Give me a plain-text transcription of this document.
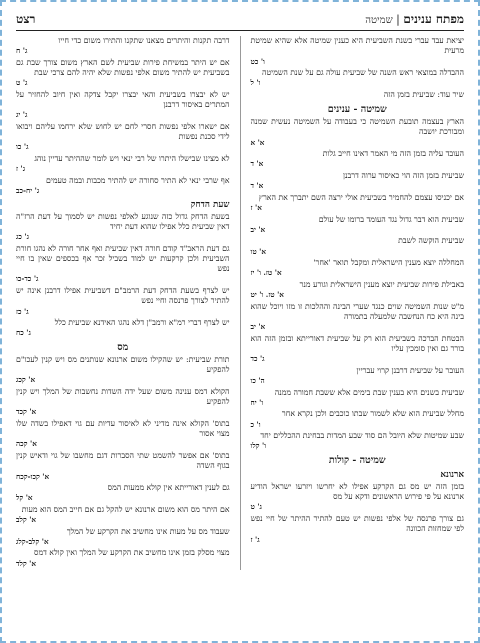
מפתח ענינים | שמיטה
רצט
יציאת עבד עברי בשנת השביעית היא כענין שמיטה אלא שהיא שמיטת מרעית
ו' כט
ההבדלה במוצאי ראש השנה של שביעית עולה גם על שנת השמיטה
ו' ל
שיר עוד: שביעית בזמן הזה
שמיטה - ענינים
הארץ בעצמה תובעת השמיטה כי בעבודה על השמיטה נעשית שמנה ומבורכת יושבה
א' א
העובד עליה בזמן הזה מי האמר דאינו חייב גלות
א' ד
שביעית בזמן הזה הוי כאיסור ערוה דרבנן
א' ד
אם יכניסו עצמם להחמיר בשביעית אולי ירצה השם יתברך את הארץ
א' ז
שביעית הוא דבר גדול נגד העומד ברומו של עולם
א' יב
שביעית הוקשה לשבת
א' טו
המחללה יוצא מענין הישראלית ומקבל תואר 'אחר'
א' טז. ו' יז
באבילת פירות שביעית יוצא מענין הישראלית וגורע מנר
א' טז. ו' יט
מ"ט שנות השמיטה שוים כנגד שערי הבינה וההלכות זו מזו ויוכל שהוא בינה היא כח הנחשבה שלמעלה בתמורה
א' יב
הבטחת הברכה בשביעית הוא רק על שביעית דאורייתא ובזמן הזה הוא בורר גם ואין סומכין עליו
ג' כד
העובר על שביעית דרבנן קרוי עבריין
ה' כו
שביעית בשנים היא בענין שבת בימים אלא ששבת חמורה ממנה
ו' יח
מחלל שביעית הוא שלא לשמור שבתו כוכבים ולכן נקרא אחר
ו' כ
שבע שמיטות שלא היובל הם סוד שבע המדות בבחינת ההכללים יחד
ו' קלו
שמיטה - קולות
ארנונא
בזמן הזה יש מס גם הקרקע אפילו לא יחרשו ויזרעו ישראל הודיע ארנונא על פי פירוש הראשונים ודקא על מס
ג' ט
גם צורך פרנסה של אלפי נפשות יש טעם להתיר ההיתר של חיי נפש לפי שמחזות הכוונה
ג' ז
דרבה תקנות והיתרים מצאנו שתקנו והתירו משום כדי חייו
ג' ח
אם יש היתר במשיחת פירות שביעית לשם הארץ משום צורך שבת גם בשביעית יש להתיר משום אלפי נפשות שלא יהיה להם צרכי שבת
ג' ט
יש לא יבצרו בשביעית והאי יבצרו יקבל צדקה ואין חיוב להחזיר על המתרים באיסור דרבנן
ג' יג
אם ישארו אלפי נפשות חסרי לחם יש לחוש שלא ירחמו עליהם ויבואו לידי סכנת נפשות
ג' כו
לא מצינו שבישלו היתרו של רבי ינאי ויש לומר שההיתר עדיין נוהג
ג' ז
אף שרבי ינאי לא התיר סחורה יש להתיר מכבות ובמה טעמים
ג' יח-כב
שעת הדחק
בשעת הדחק גדול כזה שנוגע לאלפי נפשות יש לסמוך על דעת הרז"ה דאין שביעית כלל אפילו שהוא דעת יחיד
ג' כג
גם דעת הראב"ד קודם חורה דאין שביעית ואף אחר חורה לא נהגו חורת השביעית ולכן קרקעות יש למוד בשביל זכר אף בכספים שאין בו חיי נפש
ג' כד-כו
יש לצרף בשעת הדחק דעת הרמב"ם דשביעית אפילו דרבנן אינה יש להתיר לצורך פרנסה וחיי נפש
ג' כז
יש לצרף דברי רמ"א ורמב"ן דלא נהגו האידנא שביעית כלל
ג' כח
מס
תורת שביעית: יש שהקילו משום ארנונא שנותנים מס ויש קנין לעכו"ם להפקיע
א' קכג
הקולא דמס ענינה משום שעל ידה השדות נחשבות של המלך ויש קנין להפקיע
א' קכד
בתוס' הקולא אינה מדיני לא לאיסור עדיות עם גוי דאפילו בשדה שלו מצוי אסור
א' קכה
בתוס' אם אפשר להשמט שתי הסברות דגם מחשבו של גוי ודאיש קנין בגוף השדה
א' קכו-קכח
גם לענין דאורייתא אין קולא ממעות המס
א' קל
אם היתר מס הוא משום ארנונא יש להקל גם אם חייב המס הוא מעות
א' קלב
שעבוד מס על מעות אינו מחשיב את הקרקע של המלך
א' קלב-קלג
מצוי מסלק בזמן אינו מחשיב את הקרקע של המלך ואין קולא דמס
א' קלד
